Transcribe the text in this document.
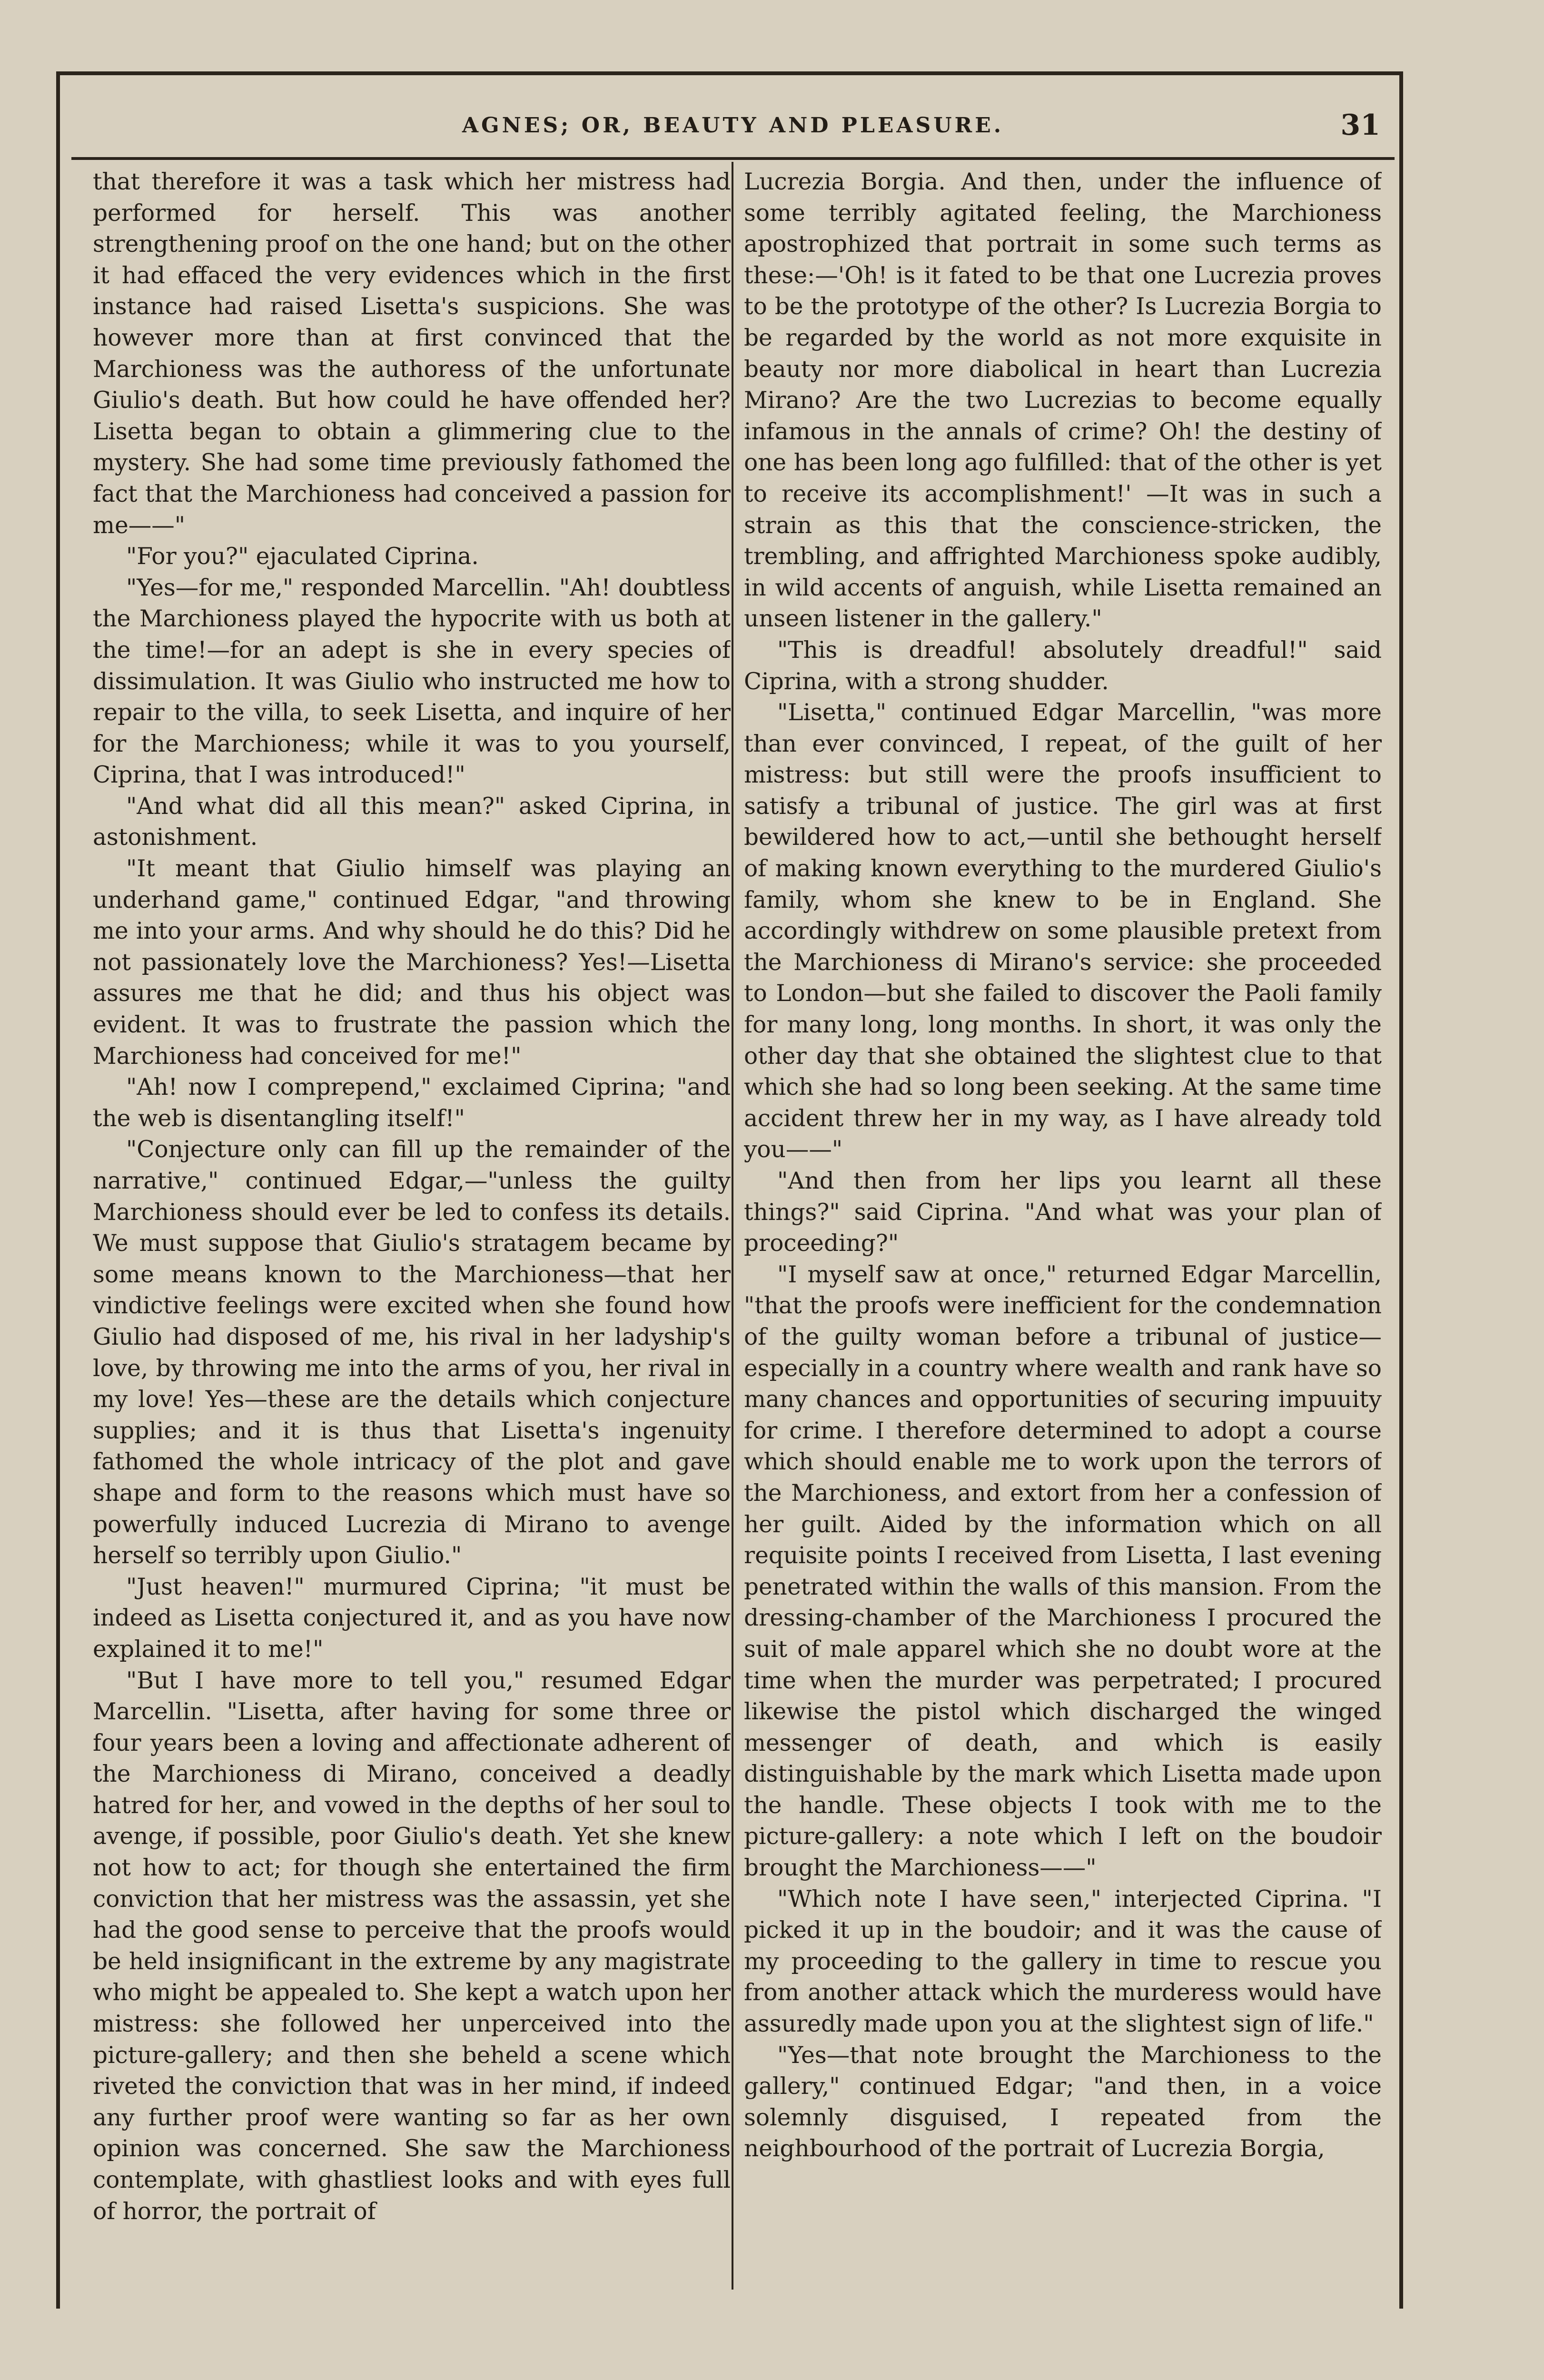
AGNES; OR, BEAUTY AND PLEASURE.	31

that therefore it was a task which her mistress had performed for herself. This was another strengthening proof on the one hand; but on the other it had effaced the very evidences which in the first instance had raised Lisetta's suspicions. She was however more than at first convinced that the Marchioness was the authoress of the unfortunate Giulio's death. But how could he have offended her? Lisetta began to obtain a glimmering clue to the mystery. She had some time previously fathomed the fact that the Marchioness had conceived a passion for me——"

"For you?" ejaculated Ciprina.

"Yes—for me," responded Marcellin. "Ah! doubtless the Marchioness played the hypocrite with us both at the time!—for an adept is she in every species of dissimulation. It was Giulio who instructed me how to repair to the villa, to seek Lisetta, and inquire of her for the Marchioness; while it was to you yourself, Ciprina, that I was introduced!"

"And what did all this mean?" asked Ciprina, in astonishment.

"It meant that Giulio himself was playing an underhand game," continued Edgar, "and throwing me into your arms. And why should he do this? Did he not passionately love the Marchioness? Yes!—Lisetta assures me that he did; and thus his object was evident. It was to frustrate the passion which the Marchioness had conceived for me!"

"Ah! now I comprepend," exclaimed Ciprina; "and the web is disentangling itself!"

"Conjecture only can fill up the remainder of the narrative," continued Edgar,—"unless the guilty Marchioness should ever be led to confess its details. We must suppose that Giulio's stratagem became by some means known to the Marchioness—that her vindictive feelings were excited when she found how Giulio had disposed of me, his rival in her ladyship's love, by throwing me into the arms of you, her rival in my love! Yes—these are the details which conjecture supplies; and it is thus that Lisetta's ingenuity fathomed the whole intricacy of the plot and gave shape and form to the reasons which must have so powerfully induced Lucrezia di Mirano to avenge herself so terribly upon Giulio."

"Just heaven!" murmured Ciprina; "it must be indeed as Lisetta conjectured it, and as you have now explained it to me!"

"But I have more to tell you," resumed Edgar Marcellin. "Lisetta, after having for some three or four years been a loving and affectionate adherent of the Marchioness di Mirano, conceived a deadly hatred for her, and vowed in the depths of her soul to avenge, if possible, poor Giulio's death. Yet she knew not how to act; for though she entertained the firm conviction that her mistress was the assassin, yet she had the good sense to perceive that the proofs would be held insignificant in the extreme by any magistrate who might be appealed to. She kept a watch upon her mistress: she followed her unperceived into the picture-gallery; and then she beheld a scene which riveted the conviction that was in her mind, if indeed any further proof were wanting so far as her own opinion was concerned. She saw the Marchioness contemplate, with ghastliest looks and with eyes full of horror, the portrait of

Lucrezia Borgia. And then, under the influence of some terribly agitated feeling, the Marchioness apostrophized that portrait in some such terms as these:—'Oh! is it fated to be that one Lucrezia proves to be the prototype of the other? Is Lucrezia Borgia to be regarded by the world as not more exquisite in beauty nor more diabolical in heart than Lucrezia Mirano? Are the two Lucrezias to become equally infamous in the annals of crime? Oh! the destiny of one has been long ago fulfilled: that of the other is yet to receive its accomplishment!' —It was in such a strain as this that the conscience-stricken, the trembling, and affrighted Marchioness spoke audibly, in wild accents of anguish, while Lisetta remained an unseen listener in the gallery."

"This is dreadful! absolutely dreadful!" said Ciprina, with a strong shudder.

"Lisetta," continued Edgar Marcellin, "was more than ever convinced, I repeat, of the guilt of her mistress: but still were the proofs insufficient to satisfy a tribunal of justice. The girl was at first bewildered how to act,—until she bethought herself of making known everything to the murdered Giulio's family, whom she knew to be in England. She accordingly withdrew on some plausible pretext from the Marchioness di Mirano's service: she proceeded to London—but she failed to discover the Paoli family for many long, long months. In short, it was only the other day that she obtained the slightest clue to that which she had so long been seeking. At the same time accident threw her in my way, as I have already told you——"

"And then from her lips you learnt all these things?" said Ciprina. "And what was your plan of proceeding?"

"I myself saw at once," returned Edgar Marcellin, "that the proofs were inefficient for the condemnation of the guilty woman before a tribunal of justice—especially in a country where wealth and rank have so many chances and opportunities of securing impuuity for crime. I therefore determined to adopt a course which should enable me to work upon the terrors of the Marchioness, and extort from her a confession of her guilt. Aided by the information which on all requisite points I received from Lisetta, I last evening penetrated within the walls of this mansion. From the dressing-chamber of the Marchioness I procured the suit of male apparel which she no doubt wore at the time when the murder was perpetrated; I procured likewise the pistol which discharged the winged messenger of death, and which is easily distinguishable by the mark which Lisetta made upon the handle. These objects I took with me to the picture-gallery: a note which I left on the boudoir brought the Marchioness——"

"Which note I have seen," interjected Ciprina. "I picked it up in the boudoir; and it was the cause of my proceeding to the gallery in time to rescue you from another attack which the murderess would have assuredly made upon you at the slightest sign of life."

"Yes—that note brought the Marchioness to the gallery," continued Edgar; "and then, in a voice solemnly disguised, I repeated from the neighbourhood of the portrait of Lucrezia Borgia,
